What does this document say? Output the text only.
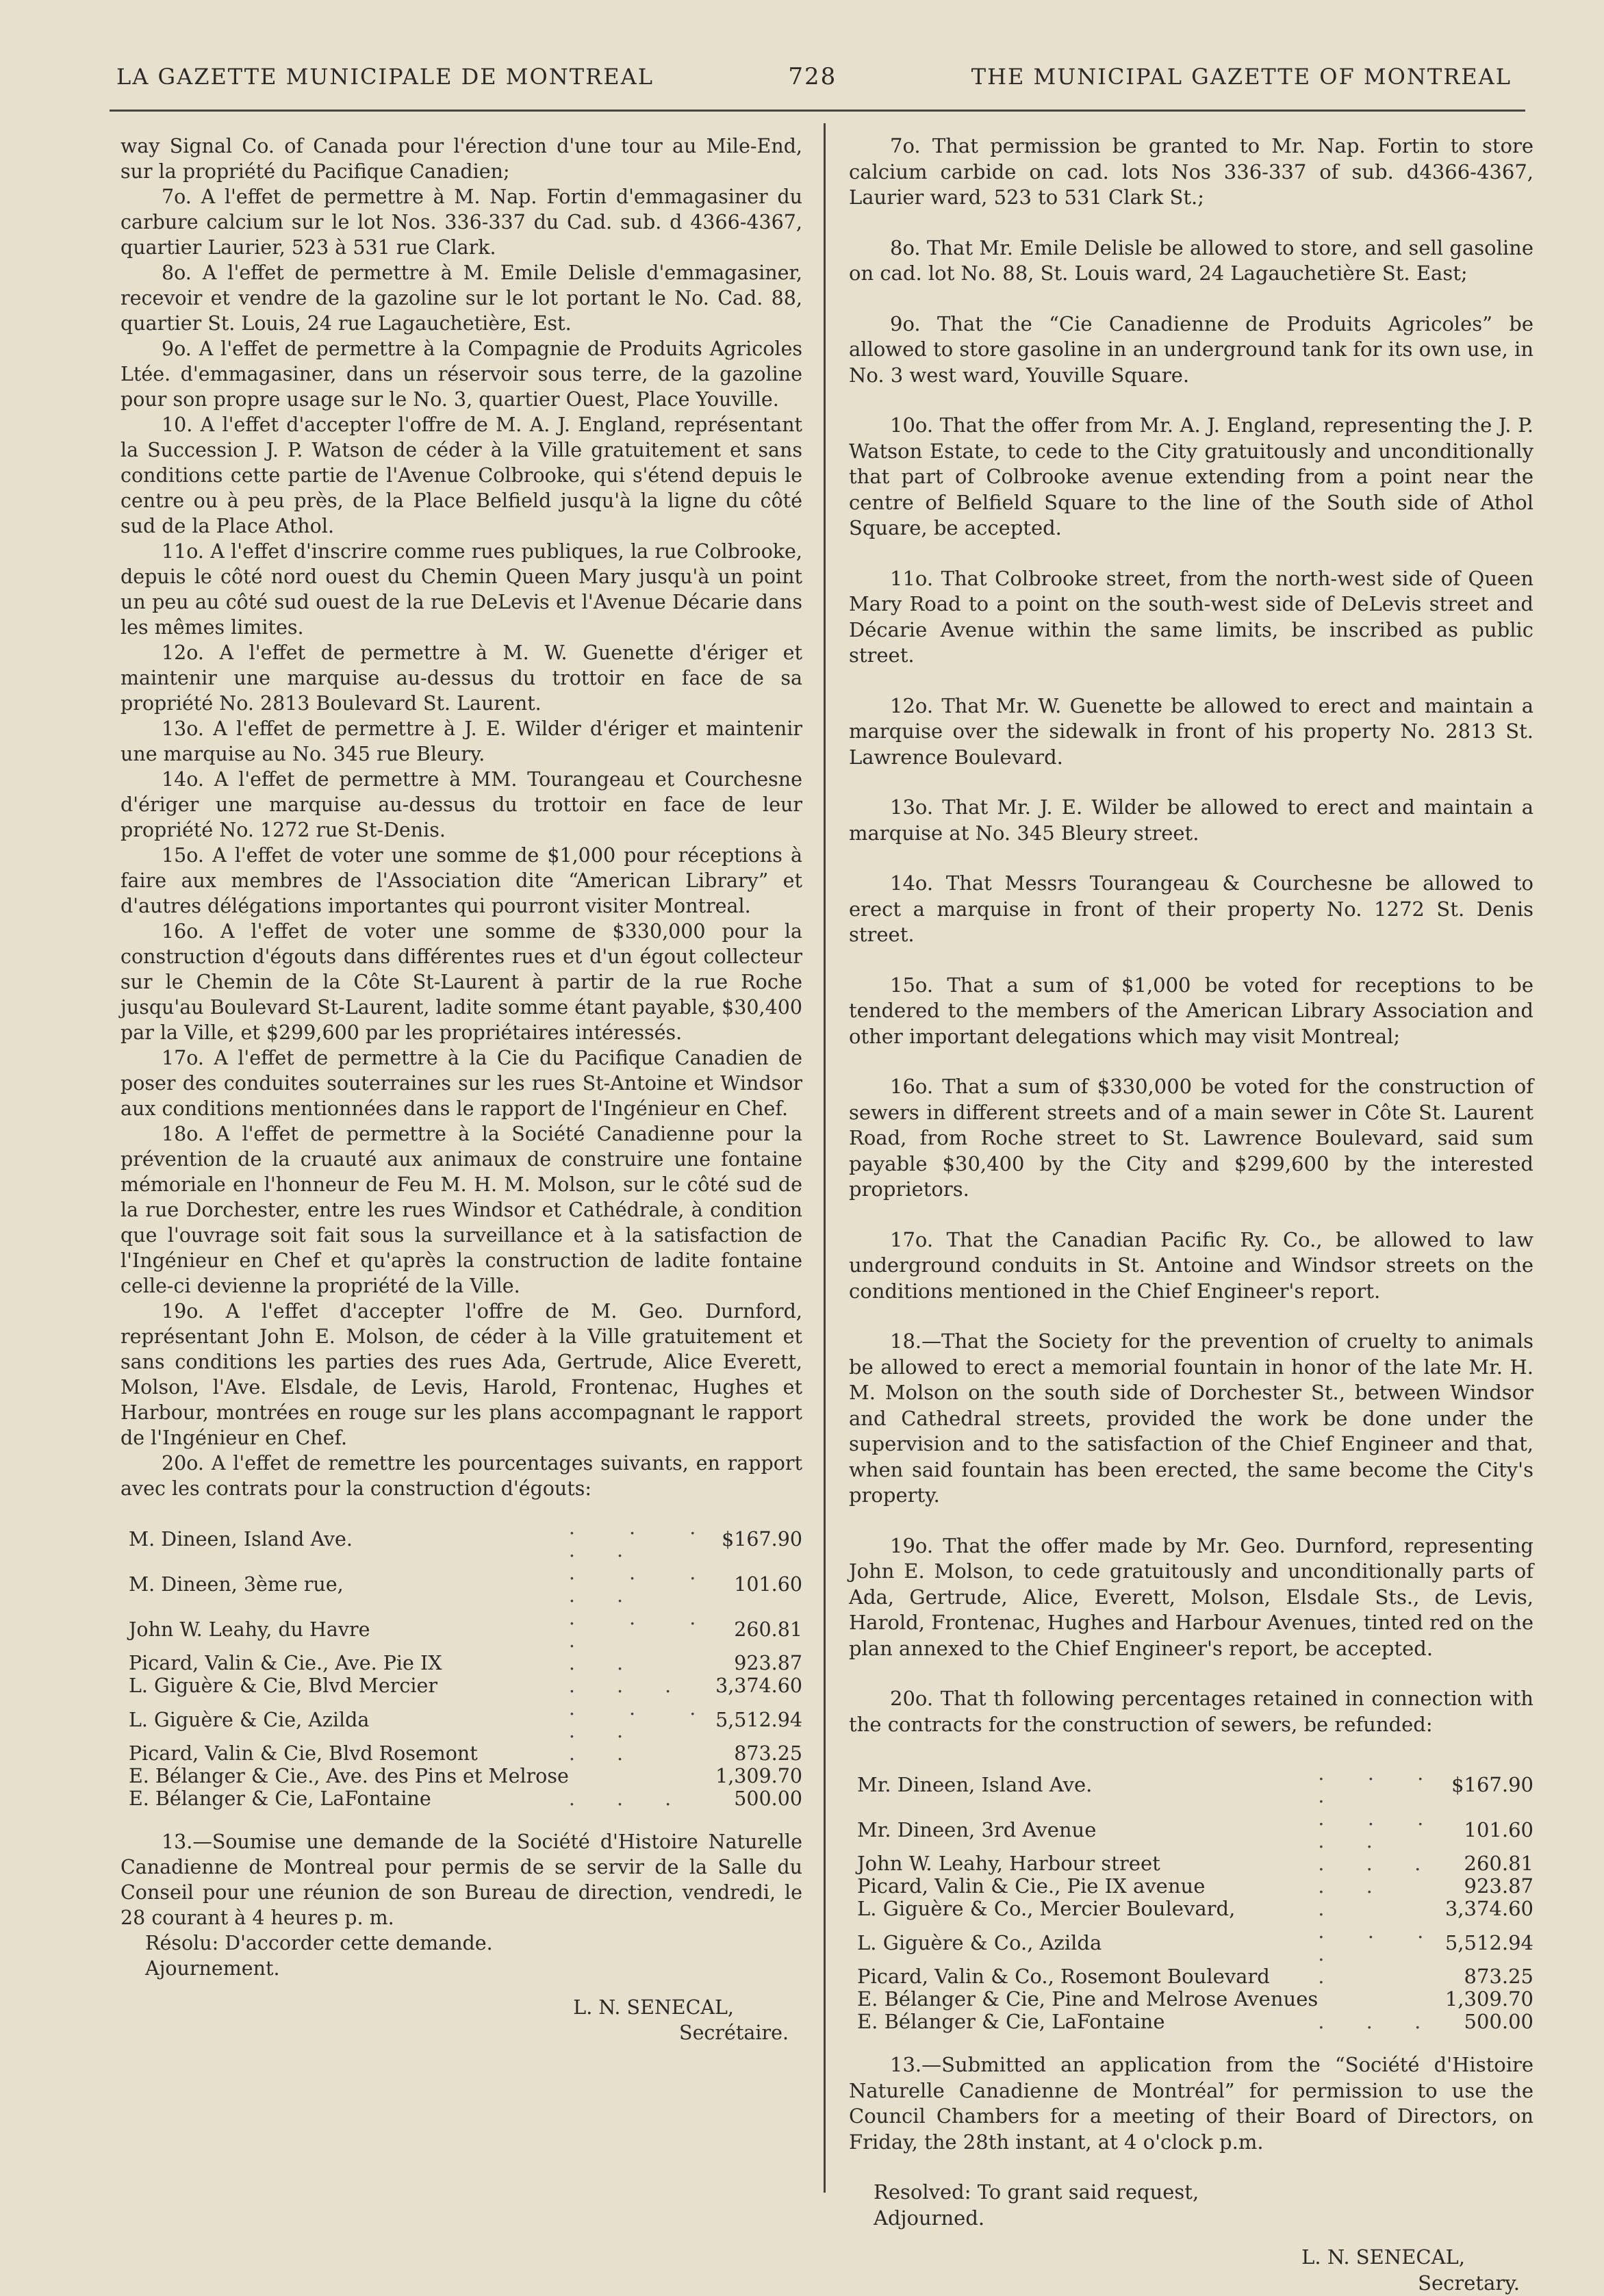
LA GAZETTE MUNICIPALE DE MONTREAL	728	THE MUNICIPAL GAZETTE OF MONTREAL

way Signal Co. of Canada pour l'érection d'une tour au Mile-End, sur la propriété du Pacifique Canadien;

7o. A l'effet de permettre à M. Nap. Fortin d'emmagasiner du carbure calcium sur le lot Nos. 336-337 du Cad. sub. d 4366-4367, quartier Laurier, 523 à 531 rue Clark.

8o. A l'effet de permettre à M. Emile Delisle d'emmagasiner, recevoir et vendre de la gazoline sur le lot portant le No. Cad. 88, quartier St. Louis, 24 rue Lagauchetière, Est.

9o. A l'effet de permettre à la Compagnie de Produits Agricoles Ltée. d'emmagasiner, dans un réservoir sous terre, de la gazoline pour son propre usage sur le No. 3, quartier Ouest, Place Youville.

10. A l'effet d'accepter l'offre de M. A. J. England, représentant la Succession J. P. Watson de céder à la Ville gratuitement et sans conditions cette partie de l'Avenue Colbrooke, qui s'étend depuis le centre ou à peu près, de la Place Belfield jusqu'à la ligne du côté sud de la Place Athol.

11o. A l'effet d'inscrire comme rues publiques, la rue Colbrooke, depuis le côté nord ouest du Chemin Queen Mary jusqu'à un point un peu au côté sud ouest de la rue DeLevis et l'Avenue Décarie dans les mêmes limites.

12o. A l'effet de permettre à M. W. Guenette d'ériger et maintenir une marquise au-dessus du trottoir en face de sa propriété No. 2813 Boulevard St. Laurent.

13o. A l'effet de permettre à J. E. Wilder d'ériger et maintenir une marquise au No. 345 rue Bleury.

14o. A l'effet de permettre à MM. Tourangeau et Courchesne d'ériger une marquise au-dessus du trottoir en face de leur propriété No. 1272 rue St-Denis.

15o. A l'effet de voter une somme de $1,000 pour réceptions à faire aux membres de l'Association dite “American Library” et d'autres délégations importantes qui pourront visiter Montreal.

16o. A l'effet de voter une somme de $330,000 pour la construction d'égouts dans différentes rues et d'un égout collecteur sur le Chemin de la Côte St-Laurent à partir de la rue Roche jusqu'au Boulevard St-Laurent, ladite somme étant payable, $30,400 par la Ville, et $299,600 par les propriétaires intéressés.

17o. A l'effet de permettre à la Cie du Pacifique Canadien de poser des conduites souterraines sur les rues St-Antoine et Windsor aux conditions mentionnées dans le rapport de l'Ingénieur en Chef.

18o. A l'effet de permettre à la Société Canadienne pour la prévention de la cruauté aux animaux de construire une fontaine mémoriale en l'honneur de Feu M. H. M. Molson, sur le côté sud de la rue Dorchester, entre les rues Windsor et Cathédrale, à condition que l'ouvrage soit fait sous la surveillance et à la satisfaction de l'Ingénieur en Chef et qu'après la construction de ladite fontaine celle-ci devienne la propriété de la Ville.

19o. A l'effet d'accepter l'offre de M. Geo. Durnford, représentant John E. Molson, de céder à la Ville gratuitement et sans conditions les parties des rues Ada, Gertrude, Alice Everett, Molson, l'Ave. Elsdale, de Levis, Harold, Frontenac, Hughes et Harbour, montrées en rouge sur les plans accompagnant le rapport de l'Ingénieur en Chef.

20o. A l'effet de remettre les pourcentages suivants, en rapport avec les contrats pour la construction d'égouts:

M. Dineen, Island Ave.	. . . . .	$167.90
M. Dineen, 3ème rue,	. . . . .	101.60
John W. Leahy, du Havre	. . . .	260.81
Picard, Valin & Cie., Ave. Pie IX	. .	923.87
L. Giguère & Cie, Blvd Mercier	. . .	3,374.60
L. Giguère & Cie, Azilda	. . . . .	5,512.94
Picard, Valin & Cie, Blvd Rosemont	. .	873.25
E. Bélanger & Cie., Ave. des Pins et Melrose		1,309.70
E. Bélanger & Cie, LaFontaine	. . .	500.00

13.—Soumise une demande de la Société d'Histoire Naturelle Canadienne de Montreal pour permis de se servir de la Salle du Conseil pour une réunion de son Bureau de direction, vendredi, le 28 courant à 4 heures p. m.

Résolu: D'accorder cette demande.

Ajournement.

L. N. SENECAL,
Secrétaire.

7o. That permission be granted to Mr. Nap. Fortin to store calcium carbide on cad. lots Nos 336-337 of sub. d4366-4367, Laurier ward, 523 to 531 Clark St.;

8o. That Mr. Emile Delisle be allowed to store, and sell gasoline on cad. lot No. 88, St. Louis ward, 24 Lagauchetière St. East;

9o. That the “Cie Canadienne de Produits Agricoles” be allowed to store gasoline in an underground tank for its own use, in No. 3 west ward, Youville Square.

10o. That the offer from Mr. A. J. England, representing the J. P. Watson Estate, to cede to the City gratuitously and unconditionally that part of Colbrooke avenue extending from a point near the centre of Belfield Square to the line of the South side of Athol Square, be accepted.

11o. That Colbrooke street, from the north-west side of Queen Mary Road to a point on the south-west side of DeLevis street and Décarie Avenue within the same limits, be inscribed as public street.

12o. That Mr. W. Guenette be allowed to erect and maintain a marquise over the sidewalk in front of his property No. 2813 St. Lawrence Boulevard.

13o. That Mr. J. E. Wilder be allowed to erect and maintain a marquise at No. 345 Bleury street.

14o. That Messrs Tourangeau & Courchesne be allowed to erect a marquise in front of their property No. 1272 St. Denis street.

15o. That a sum of $1,000 be voted for receptions to be tendered to the members of the American Library Association and other important delegations which may visit Montreal;

16o. That a sum of $330,000 be voted for the construction of sewers in different streets and of a main sewer in Côte St. Laurent Road, from Roche street to St. Lawrence Boulevard, said sum payable $30,400 by the City and $299,600 by the interested proprietors.

17o. That the Canadian Pacific Ry. Co., be allowed to law underground conduits in St. Antoine and Windsor streets on the conditions mentioned in the Chief Engineer's report.

18.—That the Society for the prevention of cruelty to animals be allowed to erect a memorial fountain in honor of the late Mr. H. M. Molson on the south side of Dorchester St., between Windsor and Cathedral streets, provided the work be done under the supervision and to the satisfaction of the Chief Engineer and that, when said fountain has been erected, the same become the City's property.

19o. That the offer made by Mr. Geo. Durnford, representing John E. Molson, to cede gratuitously and unconditionally parts of Ada, Gertrude, Alice, Everett, Molson, Elsdale Sts., de Levis, Harold, Frontenac, Hughes and Harbour Avenues, tinted red on the plan annexed to the Chief Engineer's report, be accepted.

20o. That th following percentages retained in connection with the contracts for the construction of sewers, be refunded:

Mr. Dineen, Island Ave.	. . . .	$167.90
Mr. Dineen, 3rd Avenue	. . . . .	101.60
John W. Leahy, Harbour street	. . .	260.81
Picard, Valin & Cie., Pie IX avenue	. .	923.87
L. Giguère & Co., Mercier Boulevard,	.	3,374.60
L. Giguère & Co., Azilda	. . . .	5,512.94
Picard, Valin & Co., Rosemont Boulevard	.	873.25
E. Bélanger & Cie, Pine and Melrose Avenues		1,309.70
E. Bélanger & Cie, LaFontaine	. . .	500.00

13.—Submitted an application from the “Société d'Histoire Naturelle Canadienne de Montréal” for permission to use the Council Chambers for a meeting of their Board of Directors, on Friday, the 28th instant, at 4 o'clock p.m.

Resolved: To grant said request,

Adjourned.

L. N. SENECAL,
Secretary.
